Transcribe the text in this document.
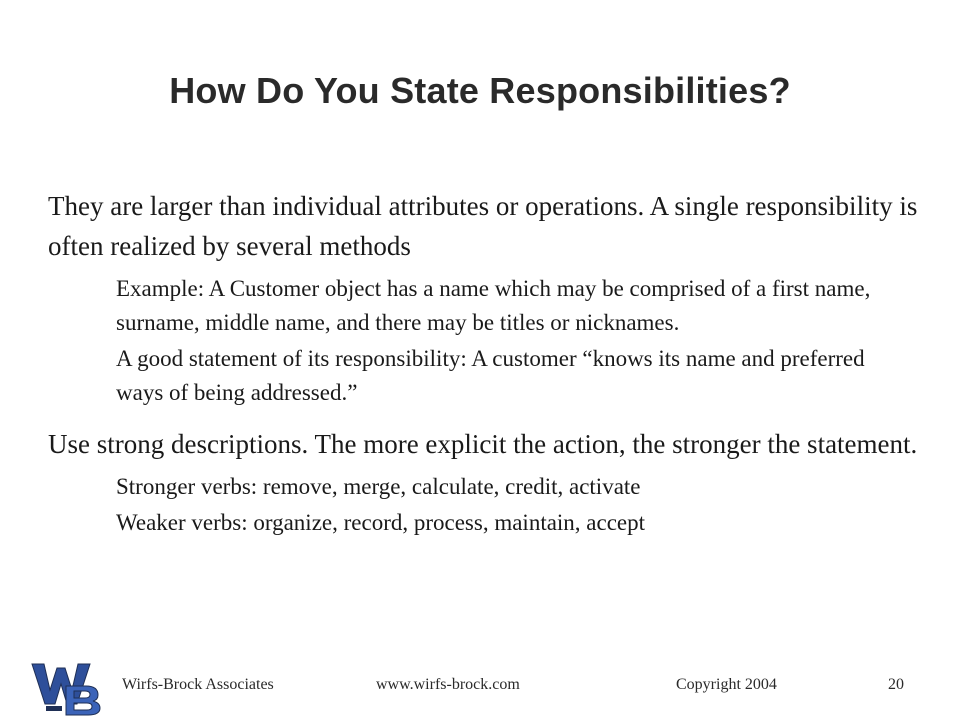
How Do You State Responsibilities?
They are larger than individual attributes or operations. A single responsibility is often realized by several methods
Example: A Customer object has a name which may be comprised of a first name, surname, middle name, and there may be titles or nicknames.
A good statement of its responsibility: A customer “knows its name and preferred ways of being addressed.”
Use strong descriptions. The more explicit the action, the stronger the statement.
Stronger verbs: remove, merge, calculate, credit, activate
Weaker verbs: organize, record, process, maintain, accept
Wirfs-Brock Associates	www.wirfs-brock.com	Copyright 2004	20
